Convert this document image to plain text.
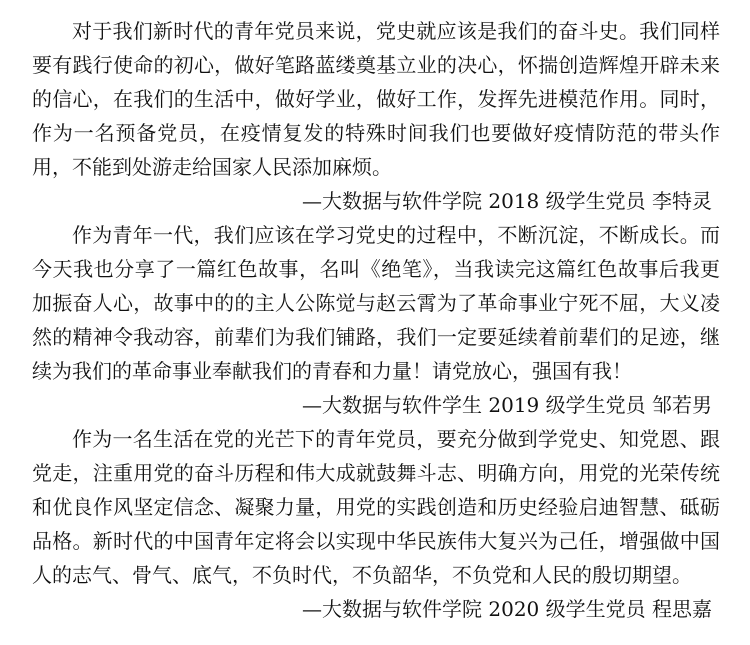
对于我们新时代的青年党员来说，党史就应该是我们的奋斗史。我们同样要有践行使命的初心，做好笔路蓝缕奠基立业的决心，怀揣创造辉煌开辟未来的信心，在我们的生活中，做好学业，做好工作，发挥先进模范作用。同时，作为一名预备党员，在疫情复发的特殊时间我们也要做好疫情防范的带头作用，不能到处游走给国家人民添加麻烦。

—大数据与软件学院 2018 级学生党员 李特灵

作为青年一代，我们应该在学习党史的过程中，不断沉淀，不断成长。而今天我也分享了一篇红色故事，名叫《绝笔》，当我读完这篇红色故事后我更加振奋人心，故事中的的主人公陈觉与赵云霄为了革命事业宁死不屈，大义凌然的精神令我动容，前辈们为我们铺路，我们一定要延续着前辈们的足迹，继续为我们的革命事业奉献我们的青春和力量！请党放心，强国有我！

—大数据与软件学生 2019 级学生党员 邹若男

作为一名生活在党的光芒下的青年党员，要充分做到学党史、知党恩、跟党走，注重用党的奋斗历程和伟大成就鼓舞斗志、明确方向，用党的光荣传统和优良作风坚定信念、凝聚力量，用党的实践创造和历史经验启迪智慧、砥砺品格。新时代的中国青年定将会以实现中华民族伟大复兴为己任，增强做中国人的志气、骨气、底气，不负时代，不负韶华，不负党和人民的殷切期望。

—大数据与软件学院 2020 级学生党员 程思嘉
